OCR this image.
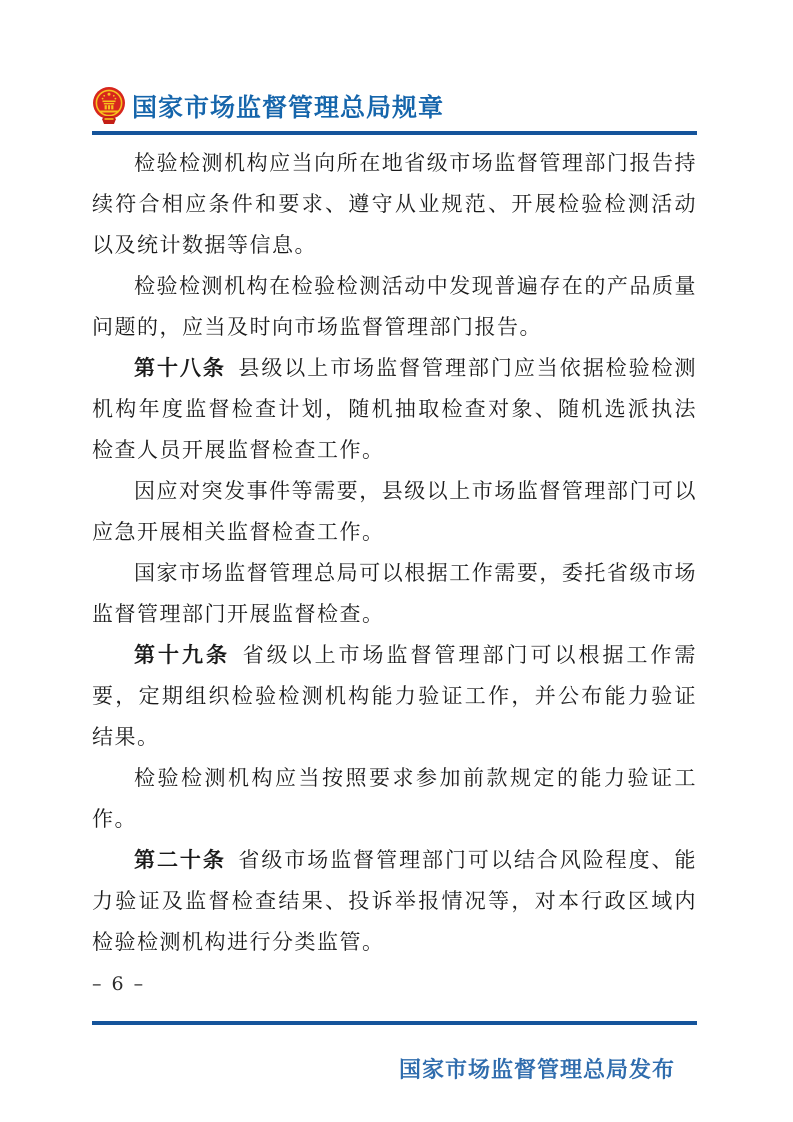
国家市场监督管理总局规章

检验检测机构应当向所在地省级市场监督管理部门报告持续符合相应条件和要求、遵守从业规范、开展检验检测活动以及统计数据等信息。

检验检测机构在检验检测活动中发现普遍存在的产品质量问题的，应当及时向市场监督管理部门报告。

第十八条 县级以上市场监督管理部门应当依据检验检测机构年度监督检查计划，随机抽取检查对象、随机选派执法检查人员开展监督检查工作。

因应对突发事件等需要，县级以上市场监督管理部门可以应急开展相关监督检查工作。

国家市场监督管理总局可以根据工作需要，委托省级市场监督管理部门开展监督检查。

第十九条 省级以上市场监督管理部门可以根据工作需要，定期组织检验检测机构能力验证工作，并公布能力验证结果。

检验检测机构应当按照要求参加前款规定的能力验证工作。

第二十条 省级市场监督管理部门可以结合风险程度、能力验证及监督检查结果、投诉举报情况等，对本行政区域内检验检测机构进行分类监管。

– 6 –
国家市场监督管理总局发布
